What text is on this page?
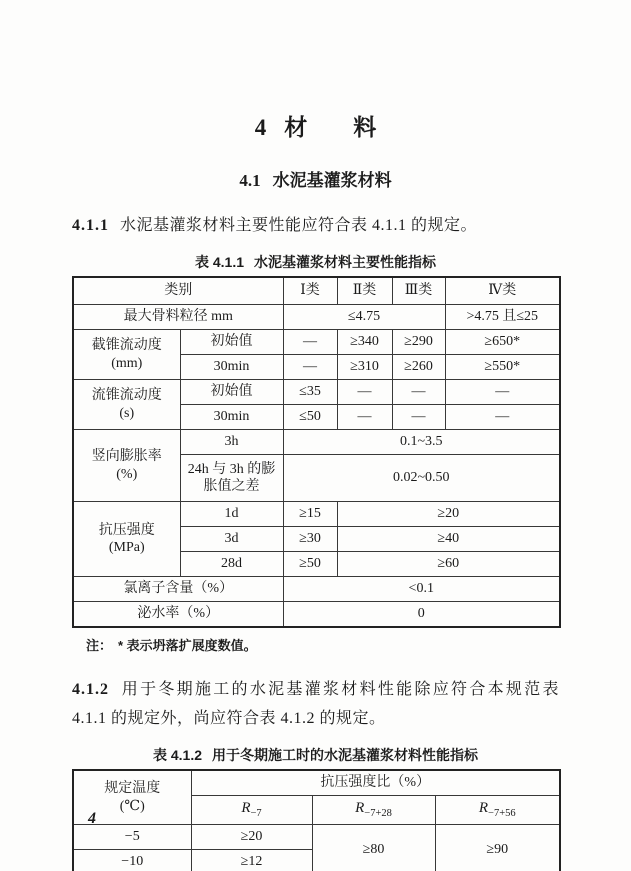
4 材　　料
4.1 水泥基灌浆材料

4.1.1 水泥基灌浆材料主要性能应符合表 4.1.1 的规定。

表 4.1.1 水泥基灌浆材料主要性能指标

类别		Ⅰ类	Ⅱ类	Ⅲ类	Ⅳ类
最大骨料粒径 mm		≤4.75			>4.75 且≤25

截锥流动度
(mm)	初始值	—	≥340	≥290	≥650*
	30min	—	≥310	≥260	≥550*

流锥流动度
(s)	初始值	≤35	—	—	—
	30min	≤50	—	—	—

竖向膨胀率
(%)	3h	0.1~3.5			
	24h 与 3h 的膨胀值之差	0.02~0.50			

抗压强度
(MPa)	1d	≥15	≥20		
	3d	≥30	≥40		
	28d	≥50	≥60		
氯离子含量（%）		<0.1			
泌水率（%）		0			

注： * 表示坍落扩展度数值。

4.1.2 用于冬期施工的水泥基灌浆材料性能除应符合本规范表
4.1.1 的规定外，尚应符合表 4.1.2 的规定。

表 4.1.2 用于冬期施工时的水泥基灌浆材料性能指标

规定温度
(℃)	抗压强度比（%）		
	$R_{-7}$	$R_{-7+28}$	$R_{-7+56}$
−5	≥20	≥80	≥90
−10	≥12		
4
